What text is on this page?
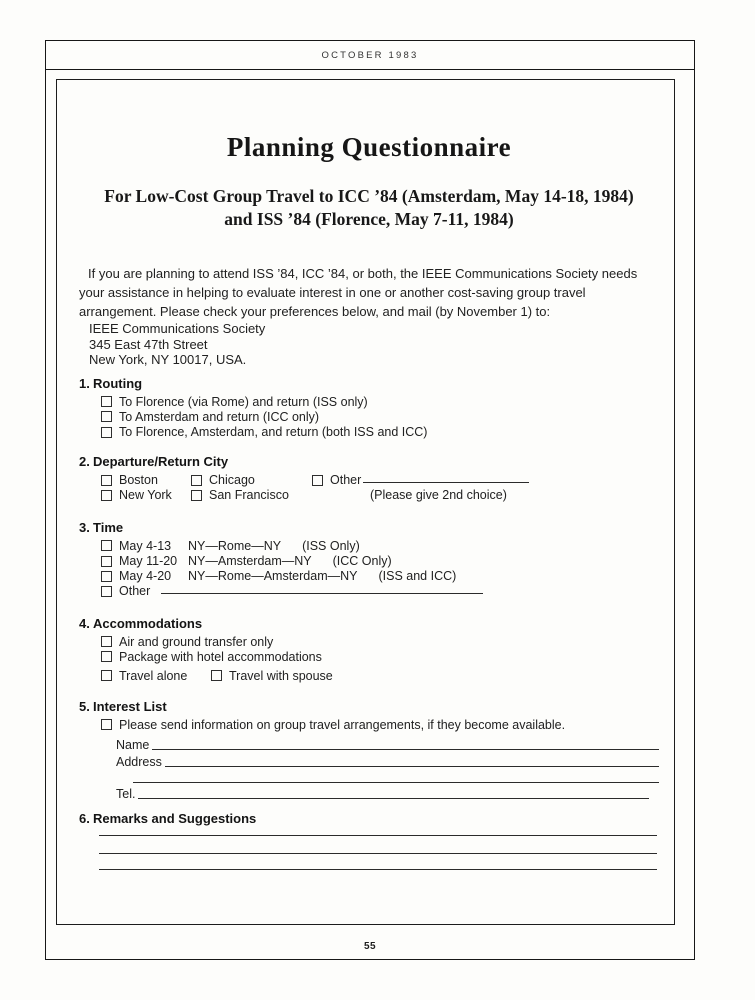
OCTOBER 1983
Planning Questionnaire
For Low-Cost Group Travel to ICC ’84 (Amsterdam, May 14-18, 1984)
and ISS ’84 (Florence, May 7-11, 1984)

If you are planning to attend ISS ’84, ICC ’84, or both, the IEEE Communications Society needs your assistance in helping to evaluate interest in one or another cost-saving group travel arrangement. Please check your preferences below, and mail (by November 1) to:

IEEE Communications Society
345 East 47th Street
New York, NY 10017, USA.
1. Routing
To Florence (via Rome) and return (ISS only)
To Amsterdam and return (ICC only)
To Florence, Amsterdam, and return (both ISS and ICC)
2. Departure/Return City
Boston	Chicago	Other
New York	San Francisco	(Please give 2nd choice)
3. Time
May 4-13	NY—Rome—NY (ISS Only)
May 11-20 NY—Amsterdam—NY (ICC Only)
May 4-20	NY—Rome—Amsterdam—NY (ISS and ICC)
Other
4. Accommodations
Air and ground transfer only
Package with hotel accommodations
Travel alone	Travel with spouse
5. Interest List
Please send information on group travel arrangements, if they become available.
Name
Address
Tel.
6. Remarks and Suggestions
55
